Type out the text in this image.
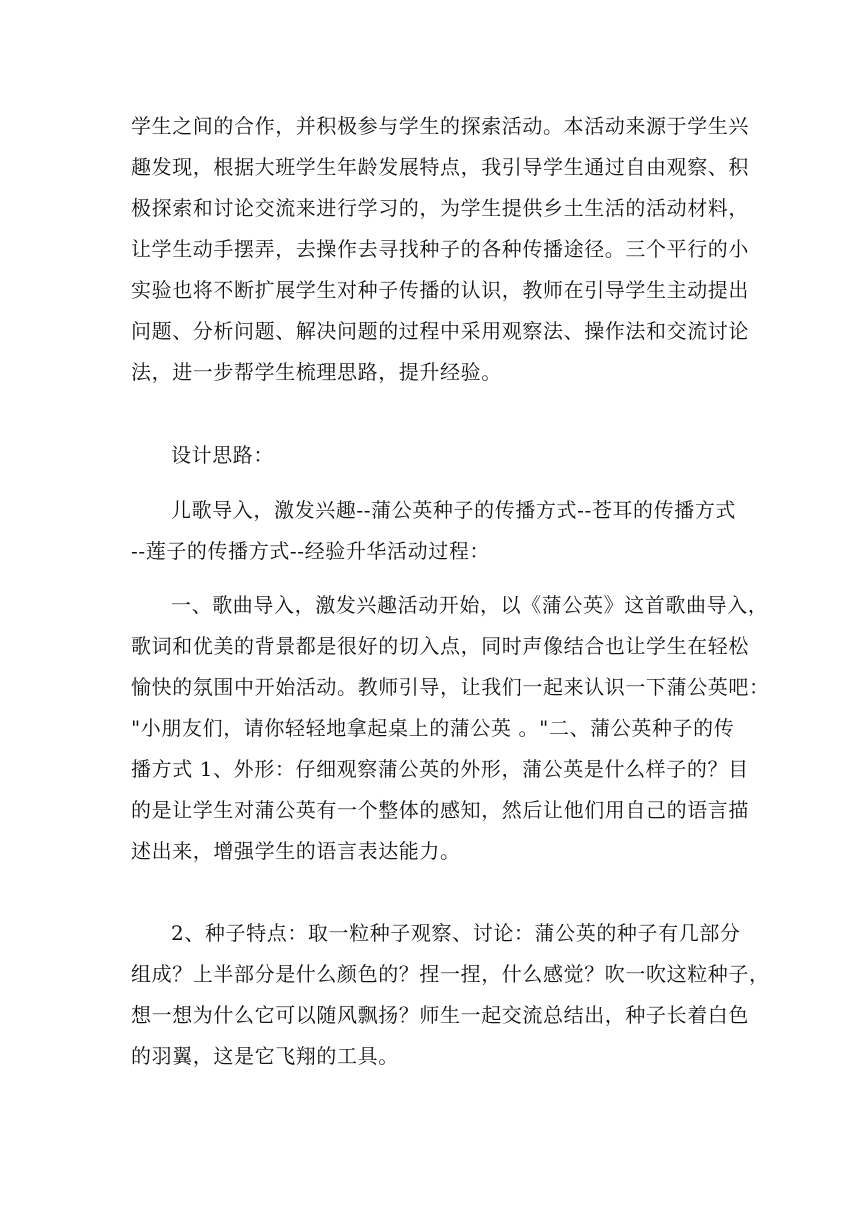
学生之间的合作，并积极参与学生的探索活动。本活动来源于学生兴
趣发现，根据大班学生年龄发展特点，我引导学生通过自由观察、积
极探索和讨论交流来进行学习的，为学生提供乡土生活的活动材料，
让学生动手摆弄，去操作去寻找种子的各种传播途径。三个平行的小
实验也将不断扩展学生对种子传播的认识，教师在引导学生主动提出
问题、分析问题、解决问题的过程中采用观察法、操作法和交流讨论
法，进一步帮学生梳理思路，提升经验。
设计思路：
儿歌导入，激发兴趣--蒲公英种子的传播方式--苍耳的传播方式
--莲子的传播方式--经验升华活动过程：
一、歌曲导入，激发兴趣活动开始，以《蒲公英》这首歌曲导入，
歌词和优美的背景都是很好的切入点，同时声像结合也让学生在轻松
愉快的氛围中开始活动。教师引导，让我们一起来认识一下蒲公英吧：
"小朋友们，请你轻轻地拿起桌上的蒲公英 。"二、蒲公英种子的传
播方式 1、外形：仔细观察蒲公英的外形，蒲公英是什么样子的？目
的是让学生对蒲公英有一个整体的感知，然后让他们用自己的语言描
述出来，增强学生的语言表达能力。
2、种子特点：取一粒种子观察、讨论：蒲公英的种子有几部分
组成？上半部分是什么颜色的？捏一捏，什么感觉？吹一吹这粒种子，
想一想为什么它可以随风飘扬？师生一起交流总结出，种子长着白色
的羽翼，这是它飞翔的工具。
